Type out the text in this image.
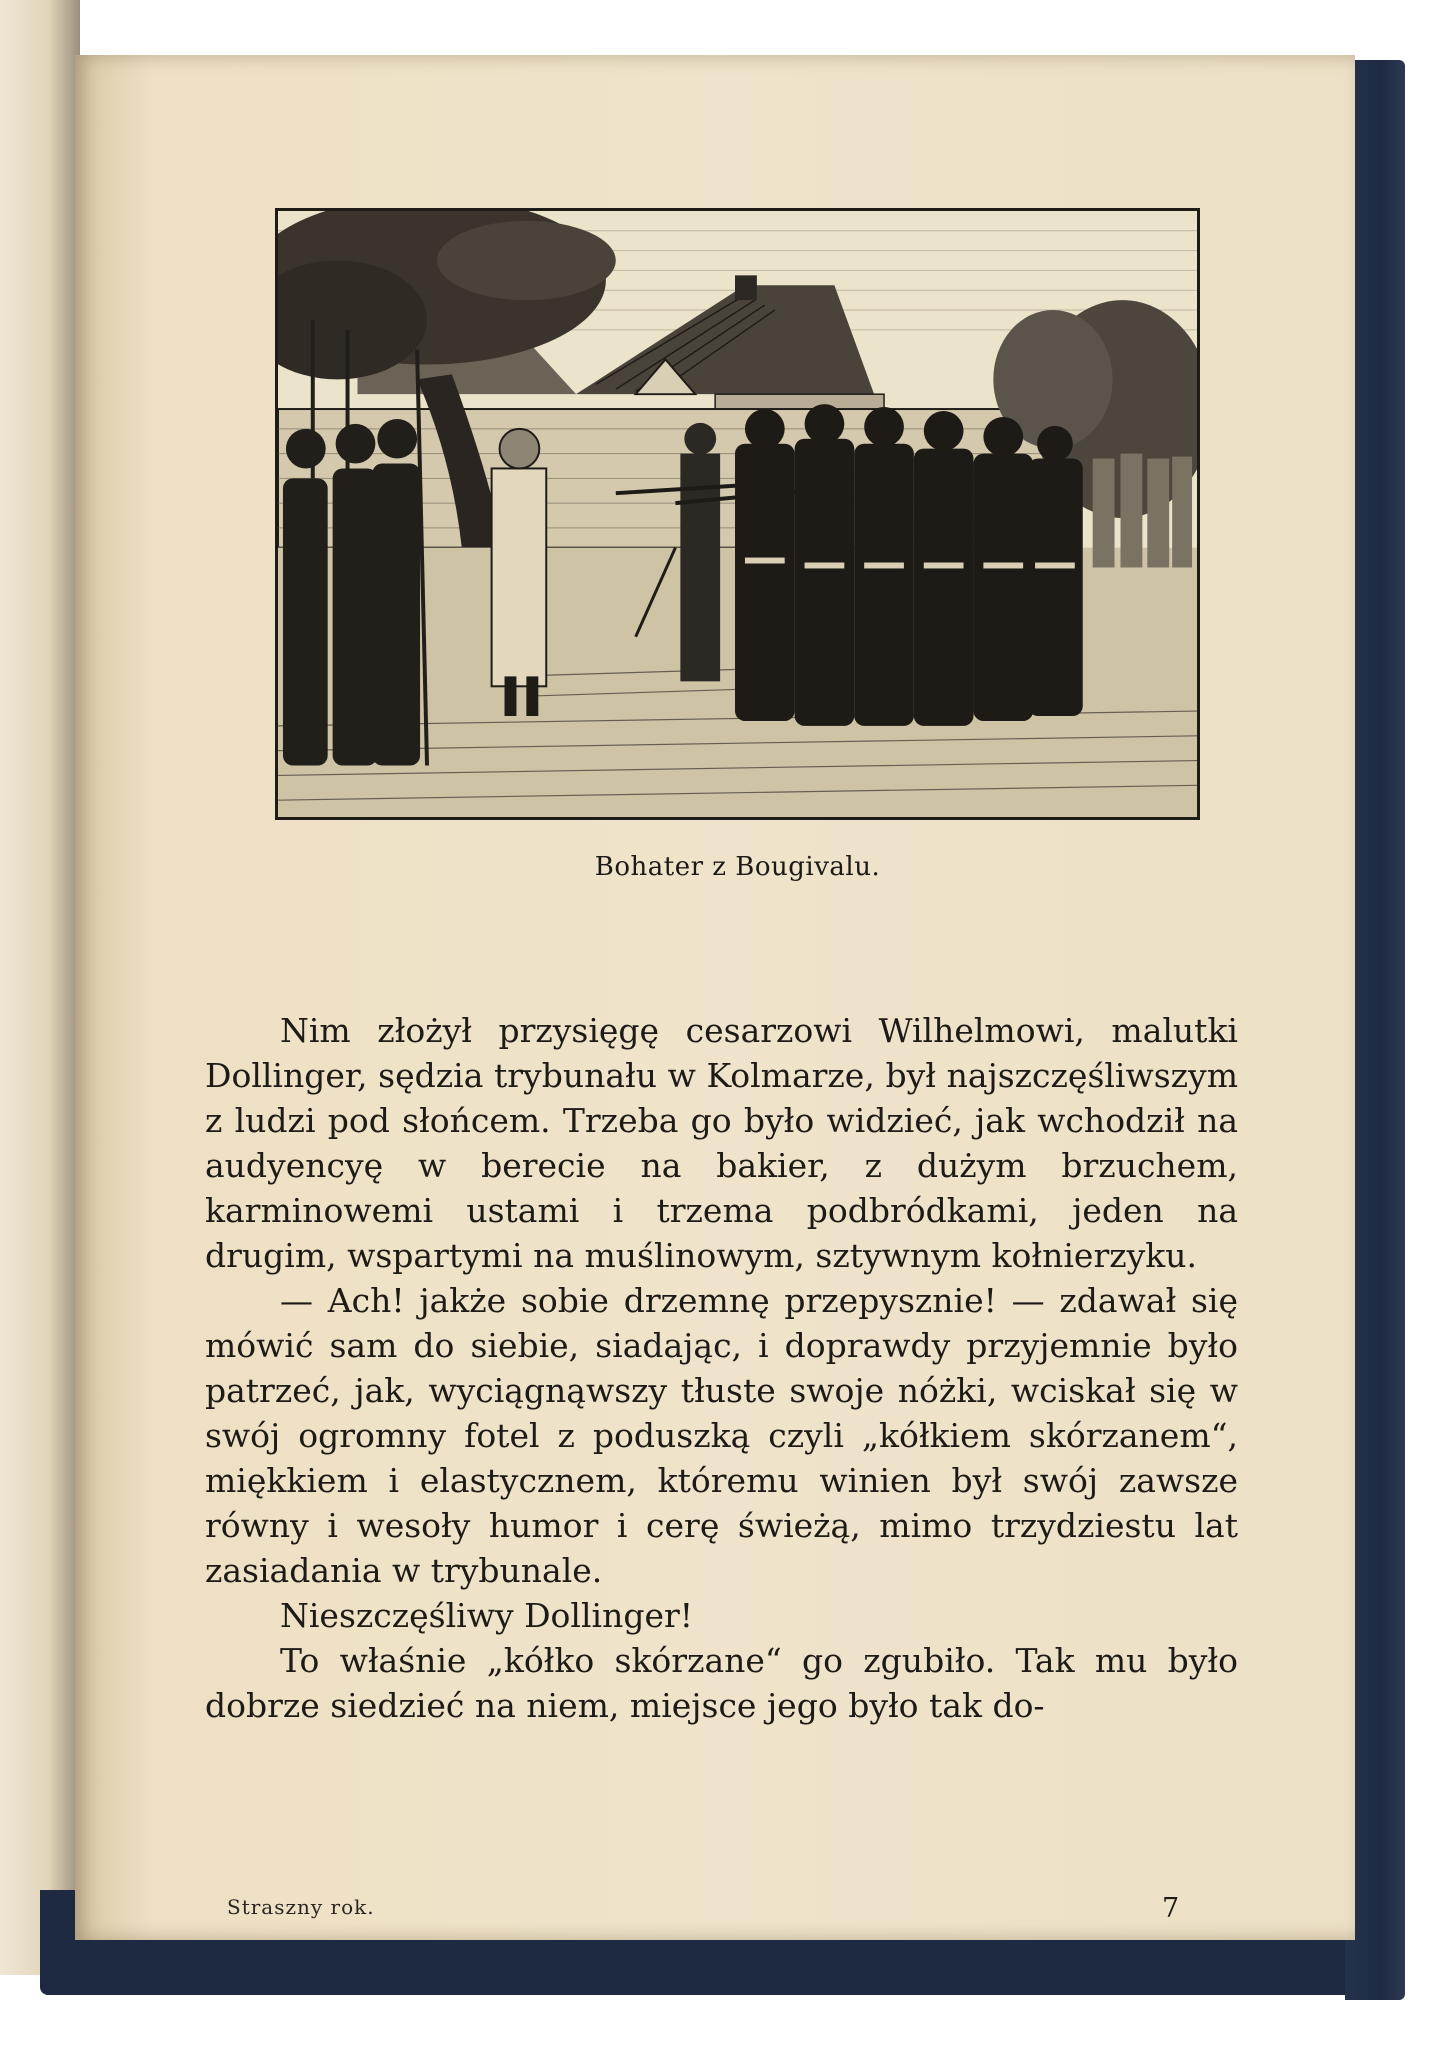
Bohater z Bougivalu.

Nim złożył przysięgę cesarzowi Wilhelmowi, malutki Dollinger, sędzia trybunału w Kolmarze, był najszczęśliwszym z ludzi pod słońcem. Trzeba go było widzieć, jak wchodził na audyencyę w berecie na bakier, z dużym brzuchem, karminowemi ustami i trzema podbródkami, jeden na drugim, wspartymi na muślinowym, sztywnym kołnierzyku.

— Ach! jakże sobie drzemnę przepysznie! — zdawał się mówić sam do siebie, siadając, i doprawdy przyjemnie było patrzeć, jak, wyciągnąwszy tłuste swoje nóżki, wciskał się w swój ogromny fotel z poduszką czyli „kółkiem skórzanem“, miękkiem i elastycznem, któremu winien był swój zawsze równy i wesoły humor i cerę świeżą, mimo trzydziestu lat zasiadania w trybunale.

Nieszczęśliwy Dollinger!

To właśnie „kółko skórzane“ go zgubiło. Tak mu było dobrze siedzieć na niem, miejsce jego było tak do-

Straszny rok.	7
